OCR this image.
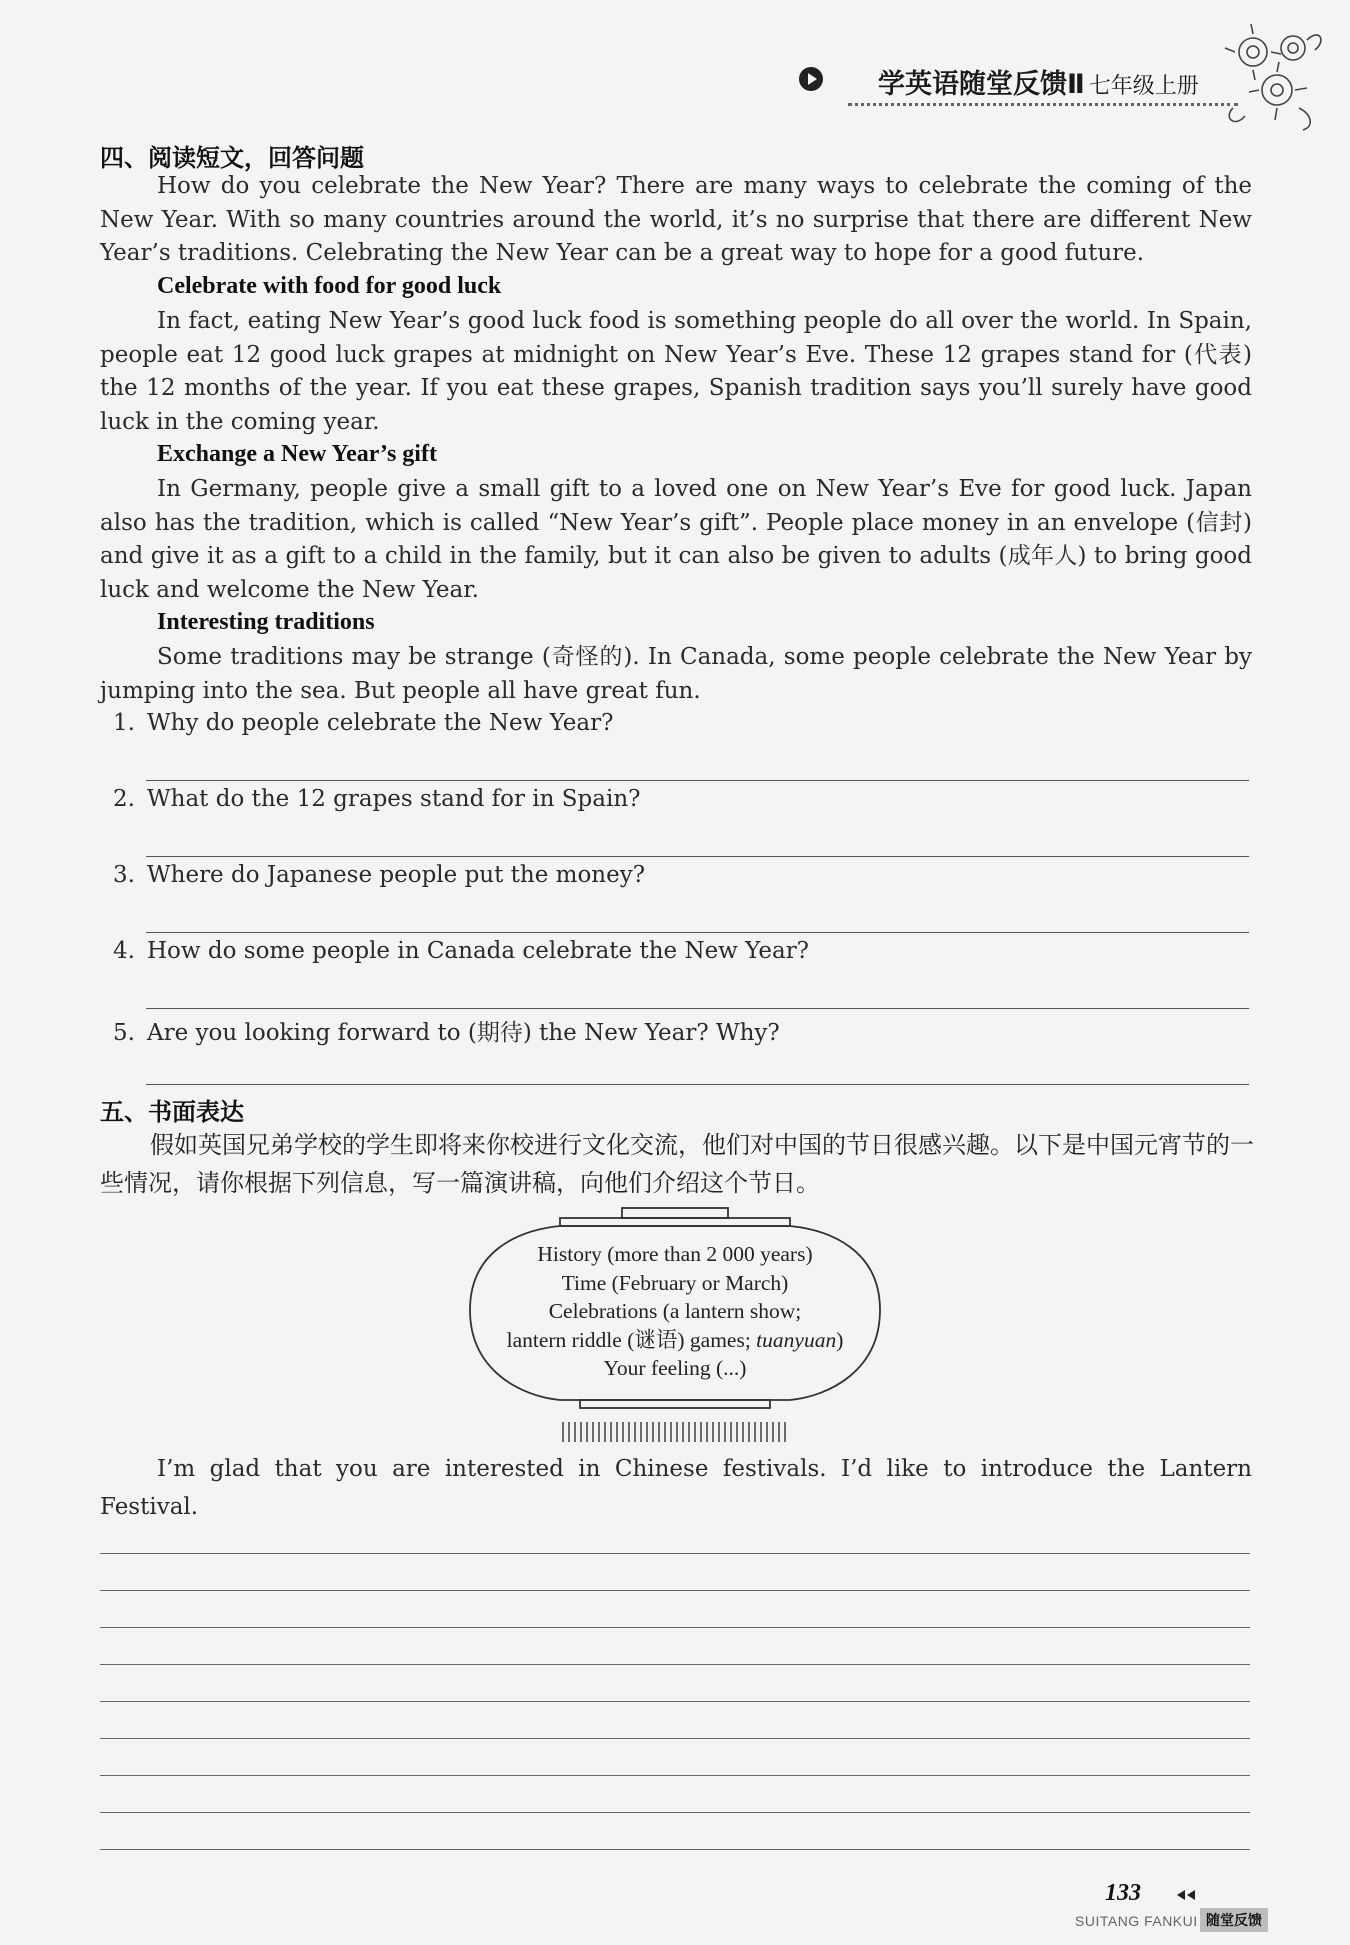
学英语随堂反馈Ⅱ 七年级上册
四、阅读短文，回答问题
How do you celebrate the New Year? There are many ways to celebrate the coming of the New Year. With so many countries around the world, it’s no surprise that there are different New Year’s traditions. Celebrating the New Year can be a great way to hope for a good future.
Celebrate with food for good luck
In fact, eating New Year’s good luck food is something people do all over the world. In Spain, people eat 12 good luck grapes at midnight on New Year’s Eve. These 12 grapes stand for (代表) the 12 months of the year. If you eat these grapes, Spanish tradition says you’ll surely have good luck in the coming year.
Exchange a New Year’s gift
In Germany, people give a small gift to a loved one on New Year’s Eve for good luck. Japan also has the tradition, which is called “New Year’s gift”. People place money in an envelope (信封) and give it as a gift to a child in the family, but it can also be given to adults (成年人) to bring good luck and welcome the New Year.
Interesting traditions
Some traditions may be strange (奇怪的). In Canada, some people celebrate the New Year by jumping into the sea. But people all have great fun.
1. Why do people celebrate the New Year?
2. What do the 12 grapes stand for in Spain?
3. Where do Japanese people put the money?
4. How do some people in Canada celebrate the New Year?
5. Are you looking forward to (期待) the New Year? Why?
五、书面表达
假如英国兄弟学校的学生即将来你校进行文化交流，他们对中国的节日很感兴趣。以下是中国元宵节的一些情况，请你根据下列信息，写一篇演讲稿，向他们介绍这个节日。
History (more than 2 000 years)
Time (February or March)
Celebrations (a lantern show;
lantern riddle (谜语) games; tuanyuan)
Your feeling (...)
I’m glad that you are interested in Chinese festivals. I’d like to introduce the Lantern Festival.
133
SUITANG FANKUI 随堂反馈
